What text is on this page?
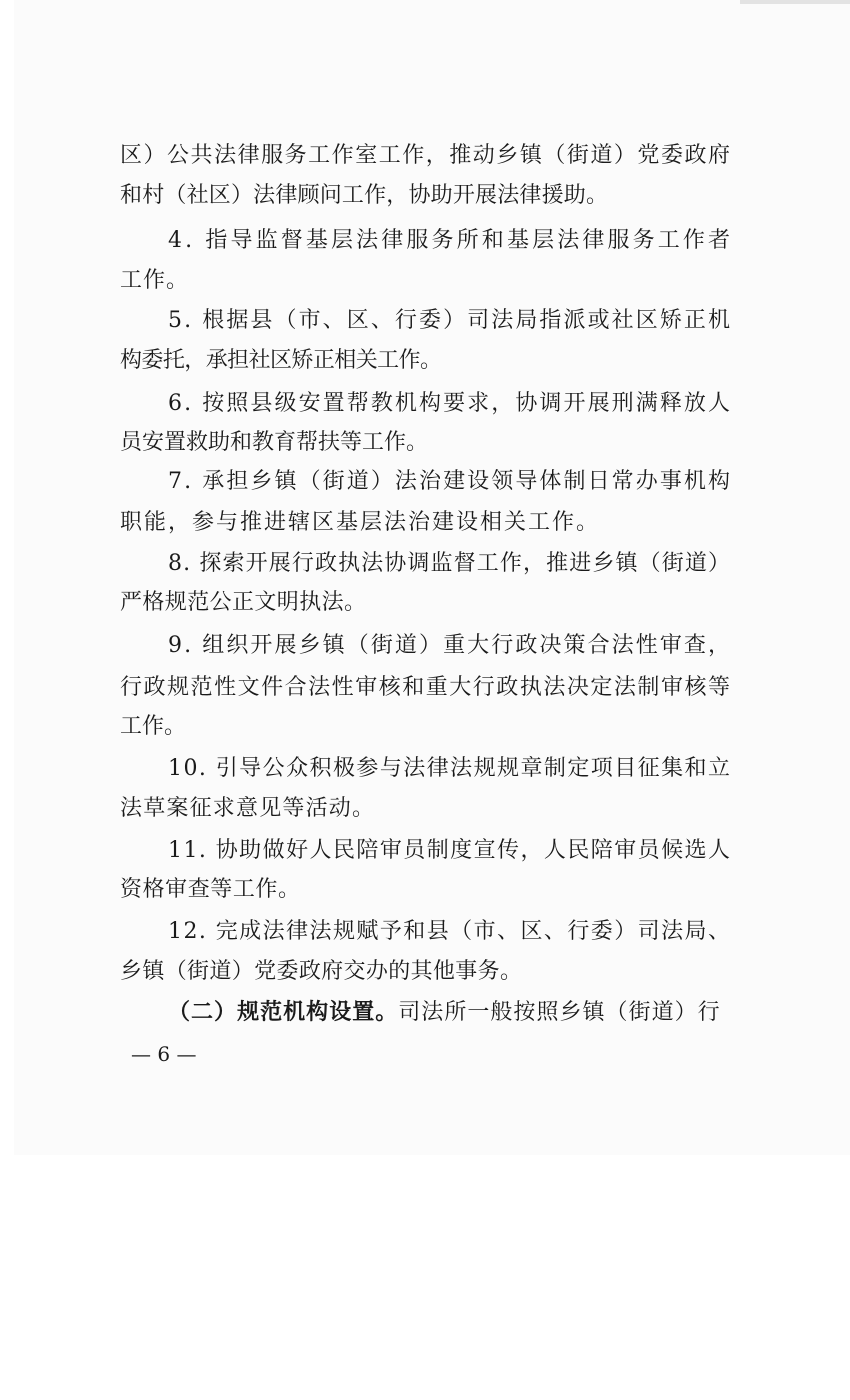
区）公共法律服务工作室工作，推动乡镇（街道）党委政府
和村（社区）法律顾问工作，协助开展法律援助。
4. 指导监督基层法律服务所和基层法律服务工作者
工作。
5. 根据县（市、区、行委）司法局指派或社区矫正机
构委托，承担社区矫正相关工作。
6. 按照县级安置帮教机构要求，协调开展刑满释放人
员安置救助和教育帮扶等工作。
7. 承担乡镇（街道）法治建设领导体制日常办事机构
职能，参与推进辖区基层法治建设相关工作。
8. 探索开展行政执法协调监督工作，推进乡镇（街道）
严格规范公正文明执法。
9. 组织开展乡镇（街道）重大行政决策合法性审查，
行政规范性文件合法性审核和重大行政执法决定法制审核等
工作。
10. 引导公众积极参与法律法规规章制定项目征集和立
法草案征求意见等活动。
11. 协助做好人民陪审员制度宣传，人民陪审员候选人
资格审查等工作。
12. 完成法律法规赋予和县（市、区、行委）司法局、
乡镇（街道）党委政府交办的其他事务。
（二）规范机构设置。司法所一般按照乡镇（街道）行
— 6 —
